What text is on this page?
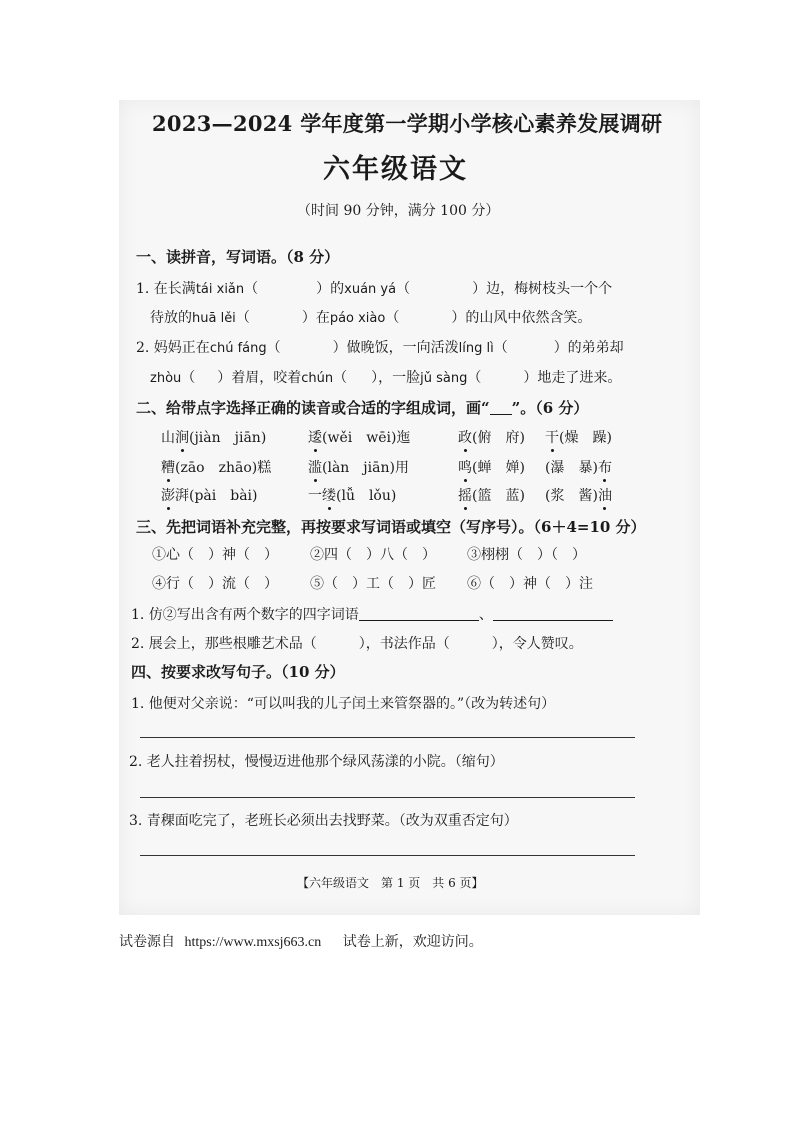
2023—2024 学年度第一学期小学核心素养发展调研
六年级语文
（时间 90 分钟，满分 100 分）
一、读拼音，写词语。（8 分）
1. 在长满tái xiǎn（	）的xuán yá（	）边，梅树枝头一个个
待放的huā lěi（	）在páo xiào（	）的山风中依然含笑。
2. 妈妈正在chú fáng（	）做晚饭，一向活泼líng lì（	）的弟弟却
zhòu（ ）着眉，咬着chún（ ），一脸jǔ sàng（	）地走了进来。
二、给带点字选择正确的读音或合适的字组成词，画“ ”。（6 分）
山涧(jiàn　jiān)	逶(wěi　wēi)迤	政(俯　府) 干(燥　躁)
糟(zāo　zhāo)糕	滥(làn　jiān)用	鸣(蝉　婵) (瀑　暴)布
澎湃(pài　bài)	一缕(lǚ　lǒu)	摇(篮　蓝) (浆　酱)油
三、先把词语补充完整，再按要求写词语或填空（写序号）。（6＋4=10 分）
①心（　）神（　） ②四（　）八（　） ③栩栩（　）（　）
④行（　）流（　） ⑤（　）工（　）匠 ⑥（　）神（　）注
1. 仿②写出含有两个数字的四字词语	、
2. 展会上，那些根雕艺术品（　　　），书法作品（　　　），令人赞叹。
四、按要求改写句子。（10 分）
1. 他便对父亲说：“可以叫我的儿子闰土来管祭器的。”（改为转述句）
2. 老人拄着拐杖，慢慢迈进他那个绿风荡漾的小院。（缩句）
3. 青稞面吃完了，老班长必须出去找野菜。（改为双重否定句）
【六年级语文　第 1 页　共 6 页】
试卷源自 https://www.mxsj663.cn 试卷上新，欢迎访问。
